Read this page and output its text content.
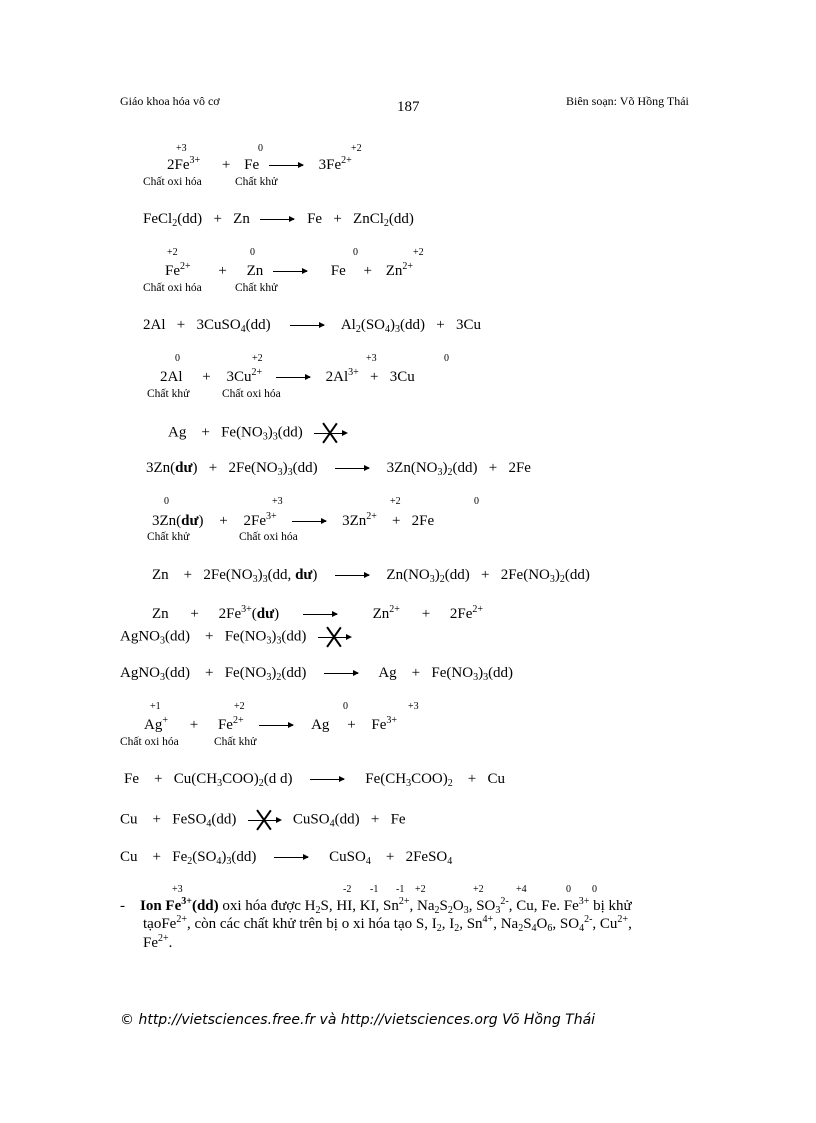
Giáo khoa hóa vô cơ	187	Biên soạn: Võ Hồng Thái
+3	0	+2
$2Fe^{3+} + Fe$	$3Fe^{2+}$
Chất oxi hóa	Chất khử
FeCl$_2$(dd) + Zn	Fe + ZnCl$_2$(dd)
+2	0	0	+2
$Fe^{2+} + Zn$	$Fe + Zn^{2+}$
Chất oxi hóa	Chất khử
2Al + 3CuSO$_4$(dd)	$Al_2(SO_4)_3(dd) + 3Cu$
0	+2	+3	0
$2Al + 3Cu^{2+}$	$2Al^{3+} + 3Cu$
Chất khử	Chất oxi hóa
$Ag + Fe(NO_3)_3(dd)$
3Zn(dư)   + $2Fe(NO_3)_3(dd)$	$3Zn(NO_3)_2(dd) + 2Fe$
0	+3	+2	0
3Zn(dư) + $2Fe^{3+}$	$3Zn^{2+} + 2Fe$
Chất khử	Chất oxi hóa
$Zn + 2Fe(NO_3)_3(dd$, dư)	$Zn(NO_3)_2(dd) + 2Fe(NO_3)_2(dd)$
$Zn + 2Fe^{3+}(dư)$	$Zn^{2+} + 2Fe^{2+}$
AgNO$_3$(dd) + $Fe(NO_3)_3(dd)$
AgNO$_3$(dd) + $Fe(NO_3)_2(dd)$	$Ag + Fe(NO_3)_3(dd)$
+1	+2	0	+3
$Ag^+ + Fe^{2+}$	$Ag + Fe^{3+}$
Chất oxi hóa	Chất khử
$Fe + Cu(CH_3COO)_2(d$ d)	$Fe(CH_3COO)_2 + Cu$
Cu + FeSO$_4$(dd)	CuSO$_4$(dd) + Fe
$Cu + Fe_2(SO_4)_3(dd)$	CuSO$_4$ + 2FeSO$_4$
+3	-2 -1 -1 +2	+2	+4	0 0
- Ion $Fe^{3+}(dd)$ oxi hóa được $H_2S$, HI, KI, $Sn^{2+}$, $Na_2S_2O_3$, $SO_3^{2-}$, Cu, Fe. $Fe^{3+}$ bị khử
tạoFe$^{2+}$, còn các chất khử trên bị o xi hóa tạo S, $I_2$, $I_2$, $Sn^{4+}$, $Na_2S_4O_6$, $SO_4^{2-}$, $Cu^{2+}$,
$Fe^{2+}$.
© http://vietsciences.free.fr và http://vietsciences.org Võ Hồng Thái
